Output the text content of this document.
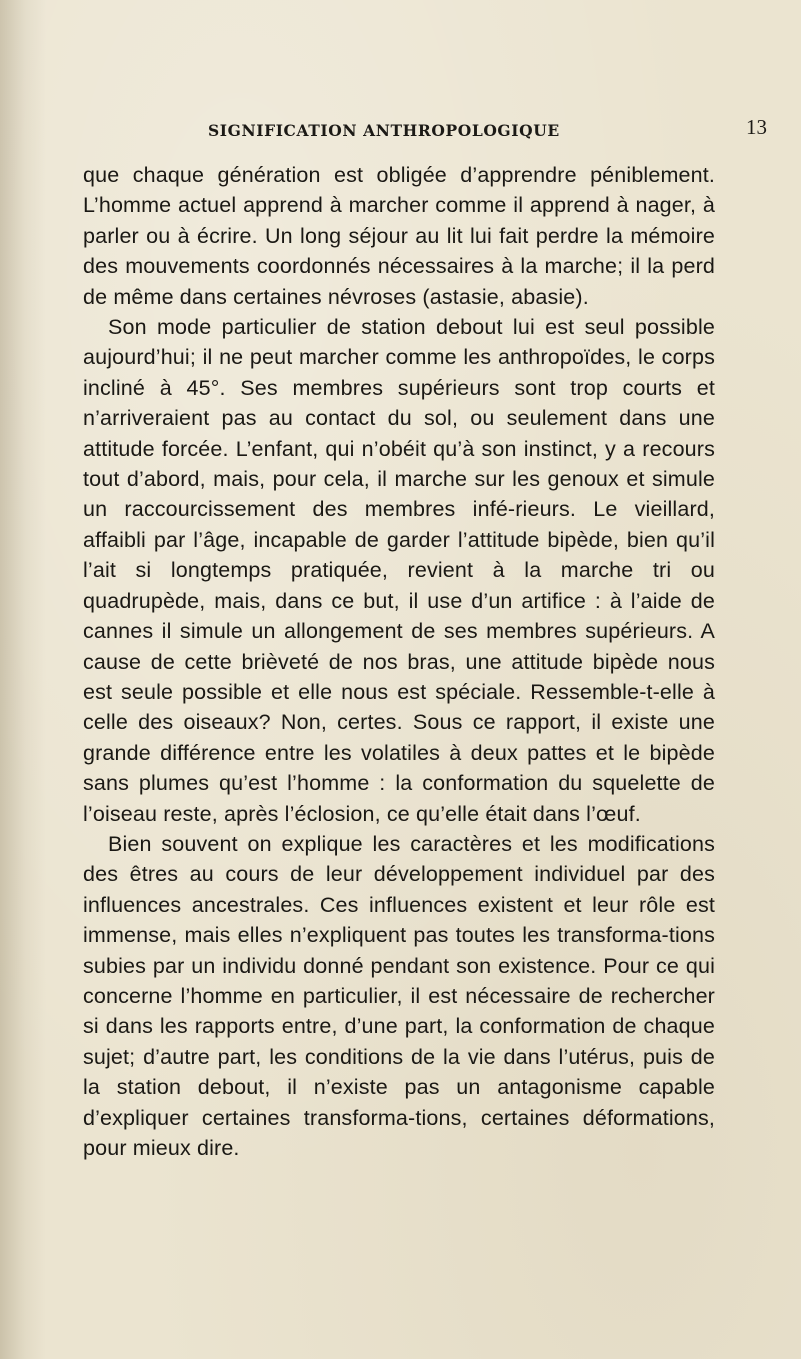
SIGNIFICATION ANTHROPOLOGIQUE	13

que chaque génération est obligée d’apprendre péniblement. L’homme actuel apprend à marcher comme il apprend à nager, à parler ou à écrire. Un long séjour au lit lui fait perdre la mémoire des mouvements coordonnés nécessaires à la marche; il la perd de même dans certaines névroses (astasie, abasie).

Son mode particulier de station debout lui est seul possible aujourd’hui; il ne peut marcher comme les anthropoïdes, le corps incliné à 45°. Ses membres supérieurs sont trop courts et n’arriveraient pas au contact du sol, ou seulement dans une attitude forcée. L’enfant, qui n’obéit qu’à son instinct, y a recours tout d’abord, mais, pour cela, il marche sur les genoux et simule un raccourcissement des membres infé-rieurs. Le vieillard, affaibli par l’âge, incapable de garder l’attitude bipède, bien qu’il l’ait si longtemps pratiquée, revient à la marche tri ou quadrupède, mais, dans ce but, il use d’un artifice : à l’aide de cannes il simule un allongement de ses membres supérieurs. A cause de cette brièveté de nos bras, une attitude bipède nous est seule possible et elle nous est spéciale. Ressemble-t-elle à celle des oiseaux? Non, certes. Sous ce rapport, il existe une grande différence entre les volatiles à deux pattes et le bipède sans plumes qu’est l’homme : la conformation du squelette de l’oiseau reste, après l’éclosion, ce qu’elle était dans l’œuf.

Bien souvent on explique les caractères et les modifications des êtres au cours de leur développement individuel par des influences ancestrales. Ces influences existent et leur rôle est immense, mais elles n’expliquent pas toutes les transforma-tions subies par un individu donné pendant son existence. Pour ce qui concerne l’homme en particulier, il est nécessaire de rechercher si dans les rapports entre, d’une part, la conformation de chaque sujet; d’autre part, les conditions de la vie dans l’utérus, puis de la station debout, il n’existe pas un antagonisme capable d’expliquer certaines transforma-tions, certaines déformations, pour mieux dire.
